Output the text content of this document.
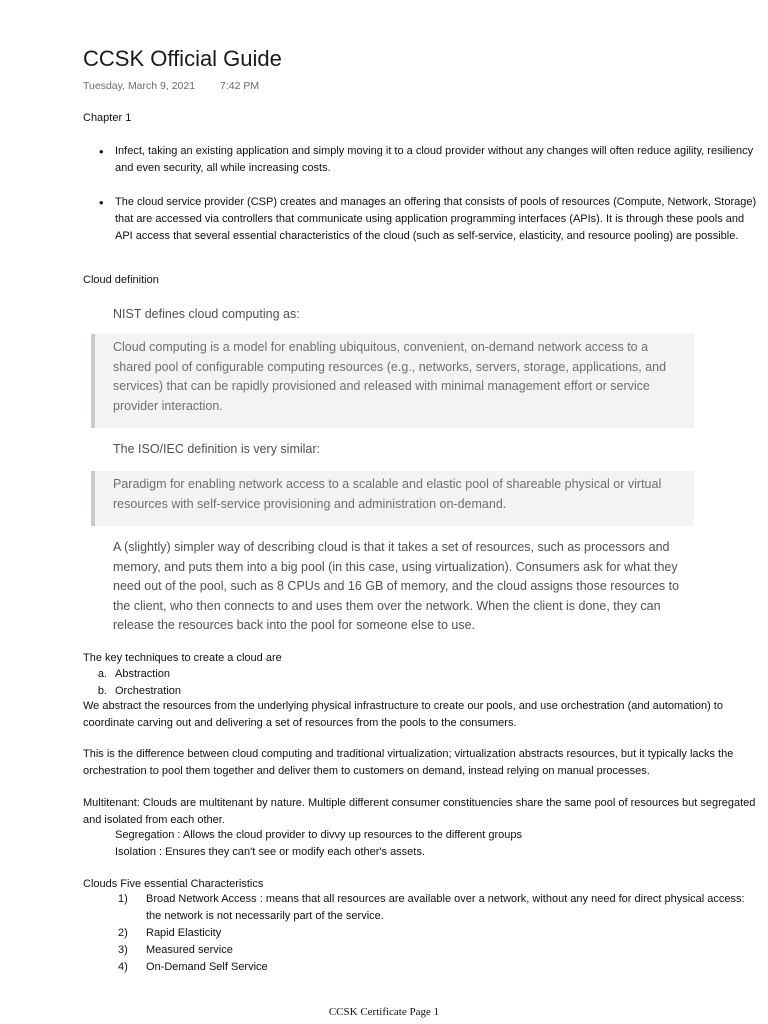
CCSK Official Guide
Tuesday, March 9, 2021 7:42 PM
Chapter 1
• Infect, taking an existing application and simply moving it to a cloud provider without any changes will often reduce agility, resiliency and even security, all while increasing costs.
• The cloud service provider (CSP) creates and manages an offering that consists of pools of resources (Compute, Network, Storage) that are accessed via controllers that communicate using application programming interfaces (APIs). It is through these pools and API access that several essential characteristics of the cloud (such as self-service, elasticity, and resource pooling) are possible.
Cloud definition
NIST defines cloud computing as:
Cloud computing is a model for enabling ubiquitous, convenient, on-demand network access to a shared pool of configurable computing resources (e.g., networks, servers, storage, applications, and services) that can be rapidly provisioned and released with minimal management effort or service provider interaction.
The ISO/IEC definition is very similar:
Paradigm for enabling network access to a scalable and elastic pool of shareable physical or virtual resources with self-service provisioning and administration on-demand.
A (slightly) simpler way of describing cloud is that it takes a set of resources, such as processors and memory, and puts them into a big pool (in this case, using virtualization). Consumers ask for what they need out of the pool, such as 8 CPUs and 16 GB of memory, and the cloud assigns those resources to the client, who then connects to and uses them over the network. When the client is done, they can release the resources back into the pool for someone else to use.
The key techniques to create a cloud are
a. Abstraction
b. Orchestration
We abstract the resources from the underlying physical infrastructure to create our pools, and use orchestration (and automation) to coordinate carving out and delivering a set of resources from the pools to the consumers.
This is the difference between cloud computing and traditional virtualization; virtualization abstracts resources, but it typically lacks the orchestration to pool them together and deliver them to customers on demand, instead relying on manual processes.
Multitenant: Clouds are multitenant by nature. Multiple different consumer constituencies share the same pool of resources but segregated and isolated from each other.
Segregation : Allows the cloud provider to divvy up resources to the different groups
Isolation : Ensures they can't see or modify each other's assets.
Clouds Five essential Characteristics
1)	Broad Network Access : means that all resources are available over a network, without any need for direct physical access: the network is not necessarily part of the service.
2)	Rapid Elasticity
3)	Measured service
4)	On-Demand Self Service
CCSK Certificate Page 1
